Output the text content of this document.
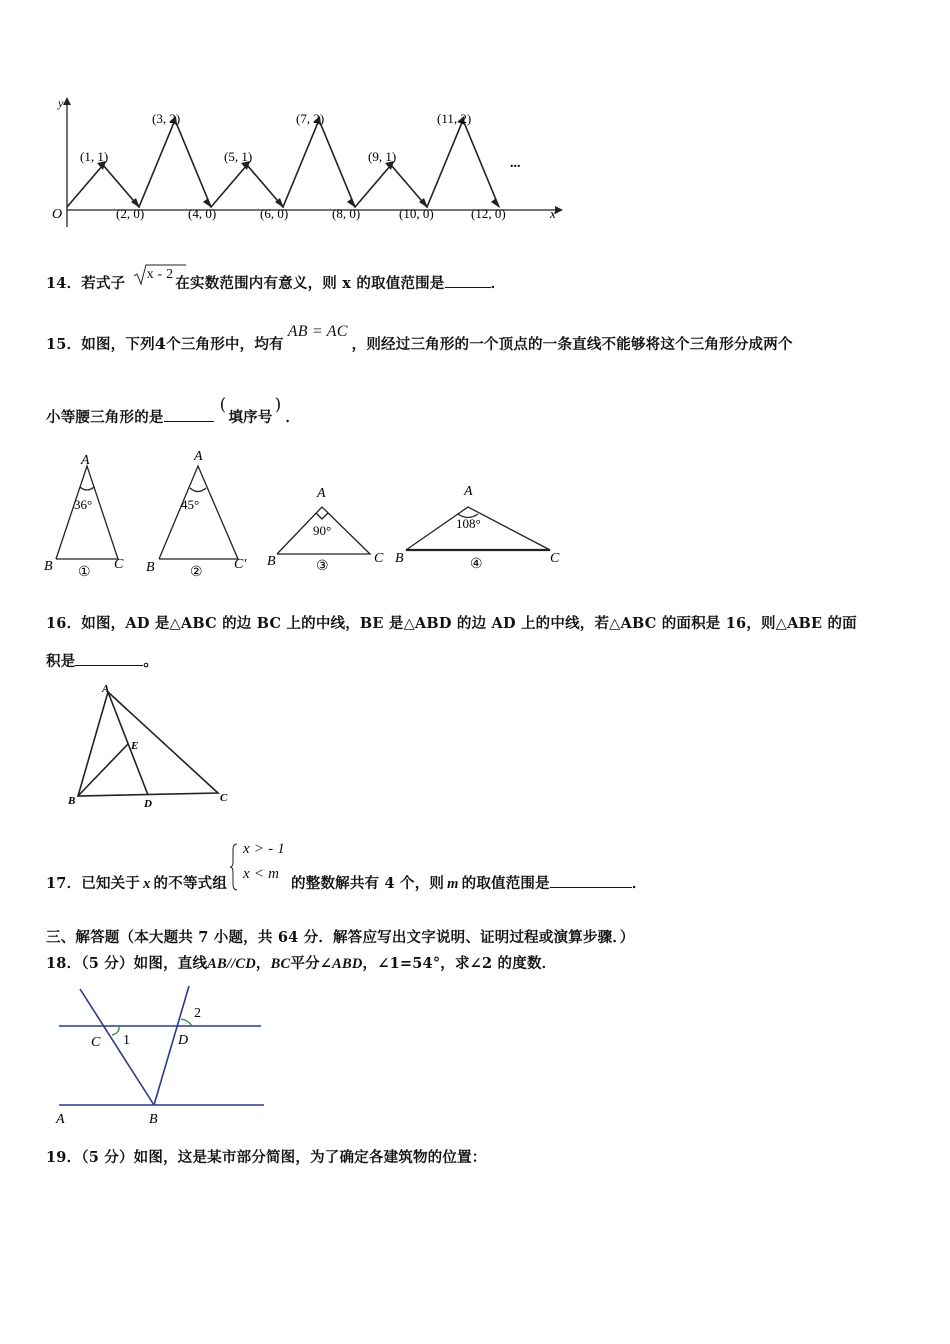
y
x
O
(1, 1)
(3, 2)
(5, 1)
(7, 2)
(9, 1)
(11, 2)
(2, 0)	(4, 0)	(6, 0)	(8, 0)	(10, 0)	(12, 0)
...
14．若式子
x - 2在实数范围内有意义，则 x 的取值范围是	．
15．如图，下列4个三角形中，均有AB = AC，则经过三角形的一个顶点的一条直线不能够将这个三角形分成两个
小等腰三角形的是(填序号)．
A
B	C
36°
①
A
B	C'
45°
②
A
B	C
90°
③
A
B	C
108°
④
16．如图，AD 是△ABC 的边 BC 上的中线，BE 是△ABD 的边 AD 上的中线，若△ABC 的面积是 16，则△ABE 的面
积是	。
A
B	C
D
E
17．已知关于 x 的不等式组
x > - 1
x < m
的整数解共有 4 个，则 m 的取值范围是	．
三、解答题（本大题共 7 小题，共 64 分．解答应写出文字说明、证明过程或演算步骤．）
18．（5 分）如图，直线AB//CD，BC平分∠ABD，∠1=54°，求∠2 的度数．
C 1	D
2
A	B
19．（5 分）如图，这是某市部分简图，为了确定各建筑物的位置：
